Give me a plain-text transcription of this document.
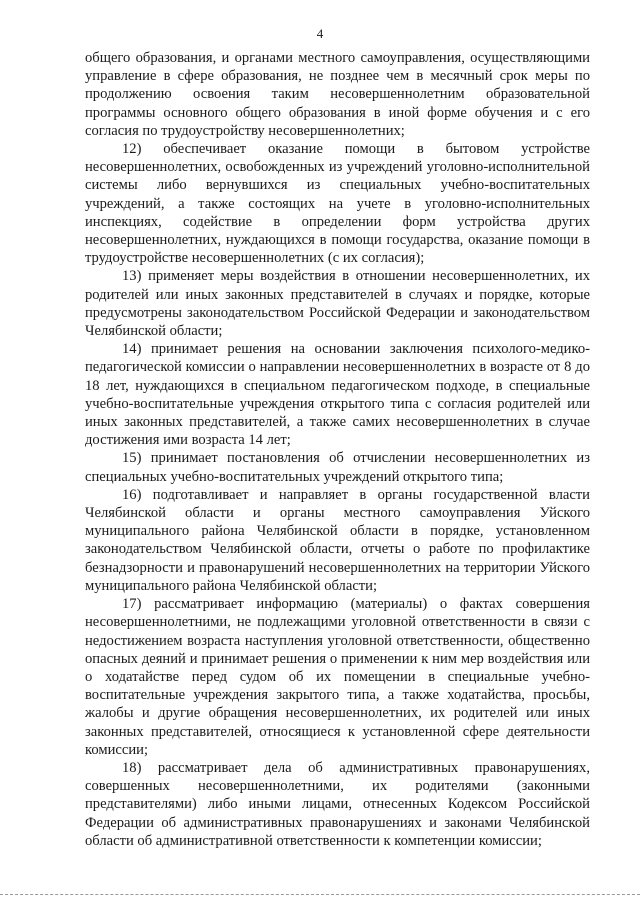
4

общего образования, и органами местного самоуправления, осуществляющими управление в сфере образования, не позднее чем в месячный срок меры по продолжению освоения таким несовершеннолетним образовательной программы основного общего образования в иной форме обучения и с его согласия по трудоустройству несовершеннолетних;

12) обеспечивает оказание помощи в бытовом устройстве несовершеннолетних, освобожденных из учреждений уголовно-исполнительной системы либо вернувшихся из специальных учебно-воспитательных учреждений, а также состоящих на учете в уголовно-исполнительных инспекциях, содействие в определении форм устройства других несовершеннолетних, нуждающихся в помощи государства, оказание помощи в трудоустройстве несовершеннолетних (с их согласия);

13) применяет меры воздействия в отношении несовершеннолетних, их родителей или иных законных представителей в случаях и порядке, которые предусмотрены законодательством Российской Федерации и законодательством Челябинской области;

14) принимает решения на основании заключения психолого-медико-педагогической комиссии о направлении несовершеннолетних в возрасте от 8 до 18 лет, нуждающихся в специальном педагогическом подходе, в специальные учебно-воспитательные учреждения открытого типа с согласия родителей или иных законных представителей, а также самих несовершеннолетних в случае достижения ими возраста 14 лет;

15) принимает постановления об отчислении несовершеннолетних из специальных учебно-воспитательных учреждений открытого типа;

16) подготавливает и направляет в органы государственной власти Челябинской области и органы местного самоуправления Уйского муниципального района Челябинской области в порядке, установленном законодательством Челябинской области, отчеты о работе по профилактике безнадзорности и правонарушений несовершеннолетних на территории Уйского муниципального района Челябинской области;

17) рассматривает информацию (материалы) о фактах совершения несовершеннолетними, не подлежащими уголовной ответственности в связи с недостижением возраста наступления уголовной ответственности, общественно опасных деяний и принимает решения о применении к ним мер воздействия или о ходатайстве перед судом об их помещении в специальные учебно-воспитательные учреждения закрытого типа, а также ходатайства, просьбы, жалобы и другие обращения несовершеннолетних, их родителей или иных законных представителей, относящиеся к установленной сфере деятельности комиссии;

18) рассматривает дела об административных правонарушениях, совершенных несовершеннолетними, их родителями (законными представителями) либо иными лицами, отнесенных Кодексом Российской Федерации об административных правонарушениях и законами Челябинской области об административной ответственности к компетенции комиссии;
